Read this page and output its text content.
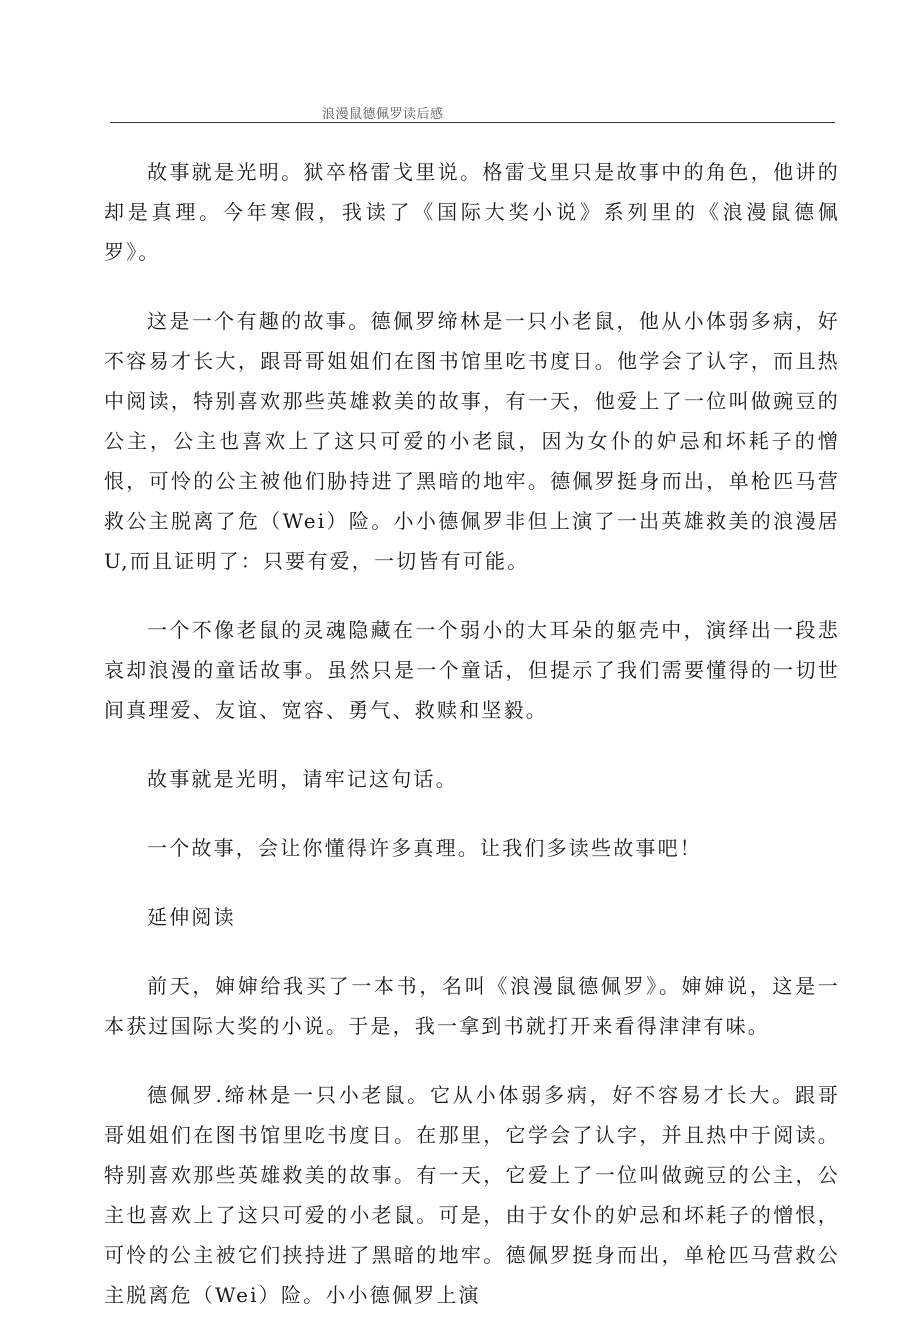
浪漫鼠德佩罗读后感

故事就是光明。狱卒格雷戈里说。格雷戈里只是故事中的角色，他讲的却是真理。今年寒假，我读了《国际大奖小说》系列里的《浪漫鼠德佩罗》。

这是一个有趣的故事。德佩罗缔林是一只小老鼠，他从小体弱多病，好不容易才长大，跟哥哥姐姐们在图书馆里吃书度日。他学会了认字，而且热中阅读，特别喜欢那些英雄救美的故事，有一天，他爱上了一位叫做豌豆的公主，公主也喜欢上了这只可爱的小老鼠，因为女仆的妒忌和坏耗子的憎恨，可怜的公主被他们胁持进了黑暗的地牢。德佩罗挺身而出，单枪匹马营救公主脱离了危（Wei）险。小小德佩罗非但上演了一出英雄救美的浪漫居U,而且证明了：只要有爱，一切皆有可能。

一个不像老鼠的灵魂隐藏在一个弱小的大耳朵的躯壳中，演绎出一段悲哀却浪漫的童话故事。虽然只是一个童话，但提示了我们需要懂得的一切世间真理爱、友谊、宽容、勇气、救赎和坚毅。

故事就是光明，请牢记这句话。

一个故事，会让你懂得许多真理。让我们多读些故事吧！

延伸阅读

前天，婶婶给我买了一本书，名叫《浪漫鼠德佩罗》。婶婶说，这是一本获过国际大奖的小说。于是，我一拿到书就打开来看得津津有味。

德佩罗.缔林是一只小老鼠。它从小体弱多病，好不容易才长大。跟哥哥姐姐们在图书馆里吃书度日。在那里，它学会了认字，并且热中于阅读。特别喜欢那些英雄救美的故事。有一天，它爱上了一位叫做豌豆的公主，公主也喜欢上了这只可爱的小老鼠。可是，由于女仆的妒忌和坏耗子的憎恨，可怜的公主被它们挟持进了黑暗的地牢。德佩罗挺身而出，单枪匹马营救公主脱离危（Wei）险。小小德佩罗上演
